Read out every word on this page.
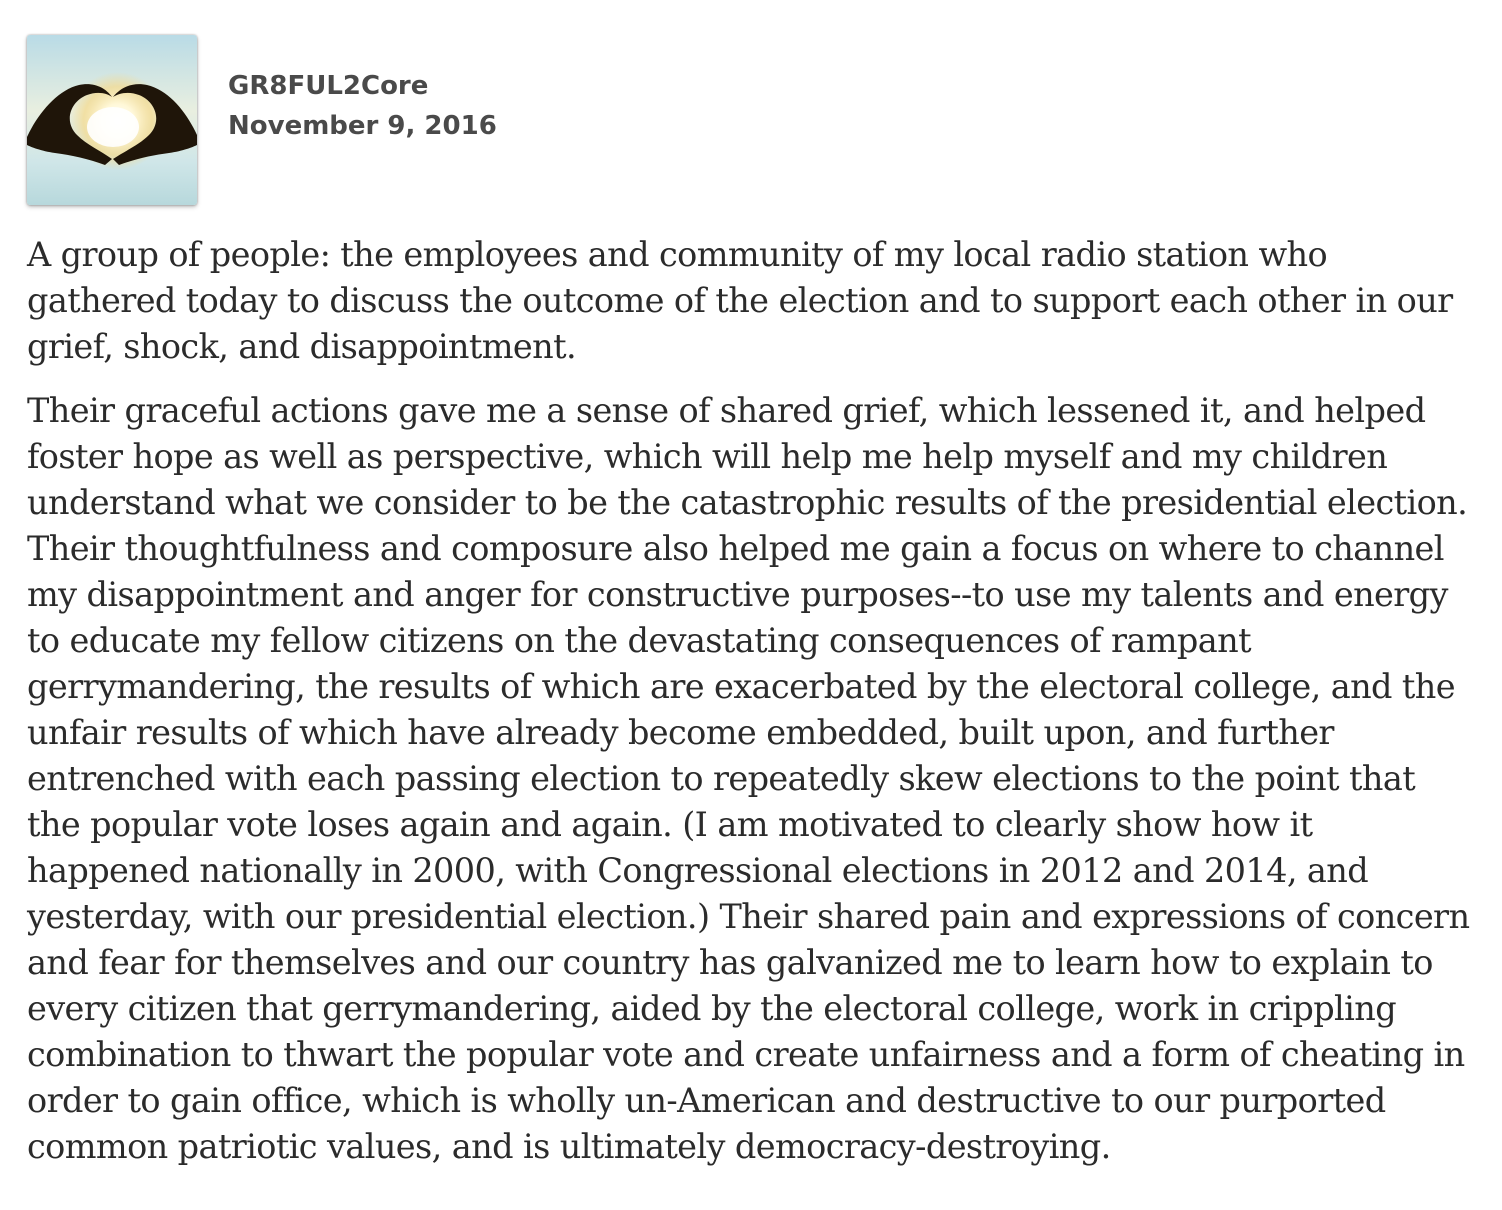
GR8FUL2Core
November 9, 2016

A group of people: the employees and community of my local radio station who gathered today to discuss the outcome of the election and to support each other in our grief, shock, and disappointment.

Their graceful actions gave me a sense of shared grief, which lessened it, and helped foster hope as well as perspective, which will help me help myself and my children understand what we consider to be the catastrophic results of the presidential election. Their thoughtfulness and composure also helped me gain a focus on where to channel my disappointment and anger for constructive purposes--to use my talents and energy to educate my fellow citizens on the devastating consequences of rampant gerrymandering, the results of which are exacerbated by the electoral college, and the unfair results of which have already become embedded, built upon, and further entrenched with each passing election to repeatedly skew elections to the point that the popular vote loses again and again. (I am motivated to clearly show how it happened nationally in 2000, with Congressional elections in 2012 and 2014, and yesterday, with our presidential election.) Their shared pain and expressions of concern and fear for themselves and our country has galvanized me to learn how to explain to every citizen that gerrymandering, aided by the electoral college, work in crippling combination to thwart the popular vote and create unfairness and a form of cheating in order to gain office, which is wholly un-American and destructive to our purported common patriotic values, and is ultimately democracy-destroying.
